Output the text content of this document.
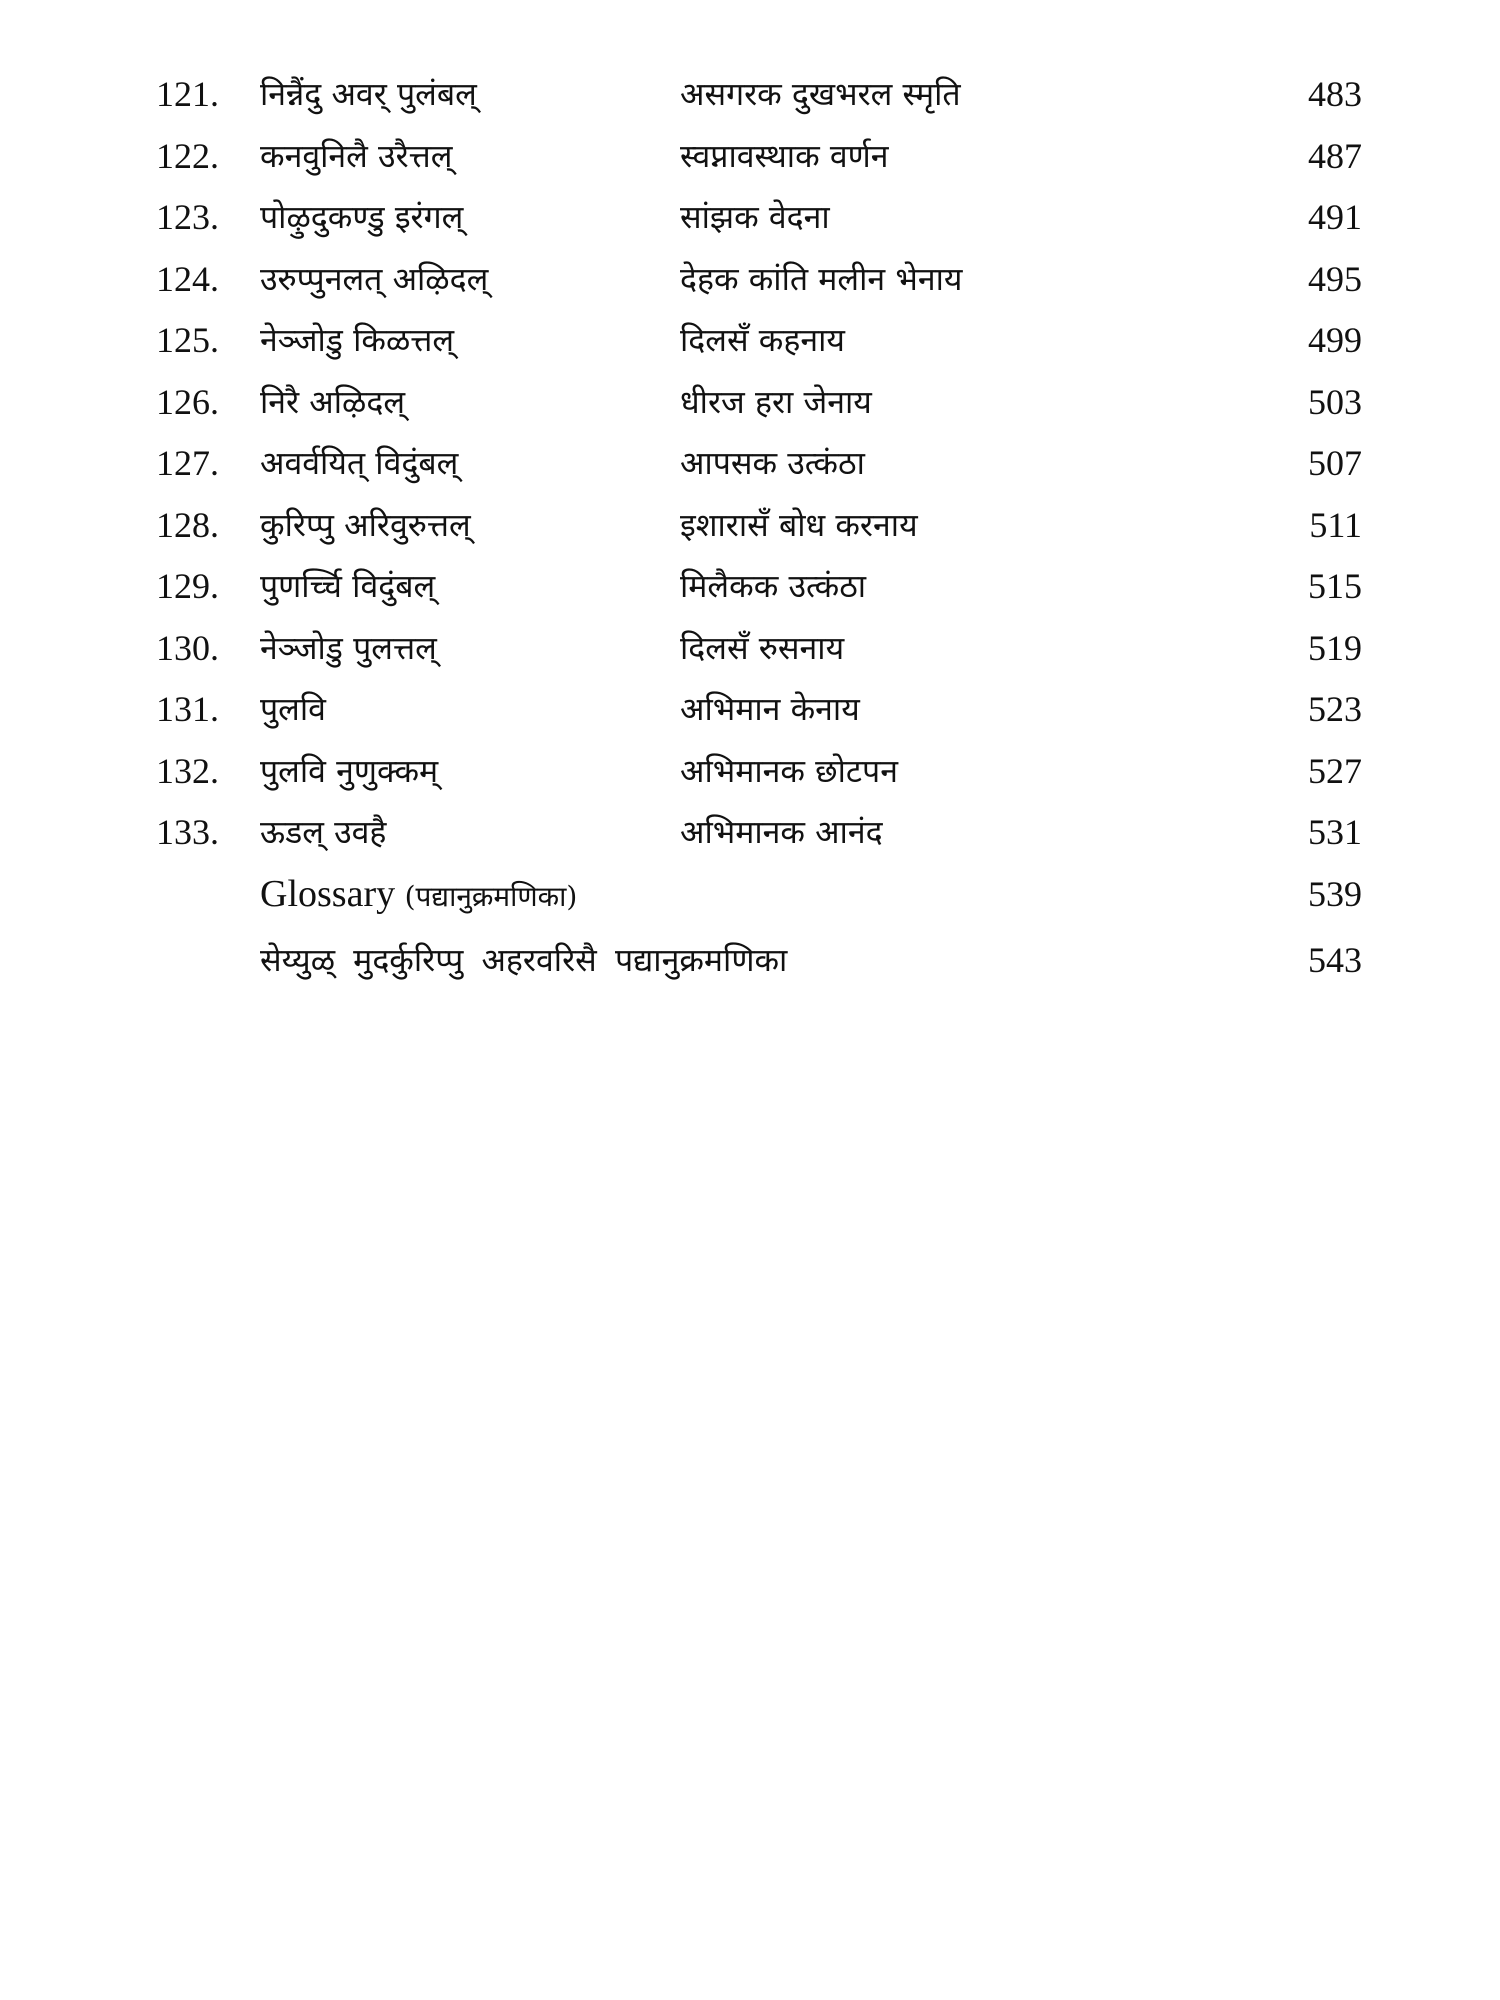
121. निन्नैंदु अवर् पुलंबल्	असगरक दुखभरल स्मृति	483
122. कनवुनिलै उरैत्तल्	स्वप्नावस्थाक वर्णन	487
123. पोऴुदुकण्डु इरंगल्	सांझक वेदना	491
124. उरुप्पुनलत् अऴिदल्	देहक कांति मलीन भेनाय	495
125. नेञ्जोडु किळत्तल्	दिलसँ कहनाय	499
126. निरै अऴिदल्	धीरज हरा जेनाय	503
127. अवर्वयित् विदुंबल्	आपसक उत्कंठा	507
128. कुरिप्पु अरिवुरुत्तल्	इशारासँ बोध करनाय	511
129. पुणर्च्चि विदुंबल्	मिलैकक उत्कंठा	515
130. नेञ्जोडु पुलत्तल्	दिलसँ रुसनाय	519
131. पुलवि	अभिमान केनाय	523
132. पुलवि नुणुक्कम्	अभिमानक छोटपन	527
133. ऊडल् उवहै	अभिमानक आनंद	531
Glossary (पद्यानुक्रमणिका)	539
सेय्युळ् मुदर्कुरिप्पु अहरवरिसै पद्यानुक्रमणिका	543
